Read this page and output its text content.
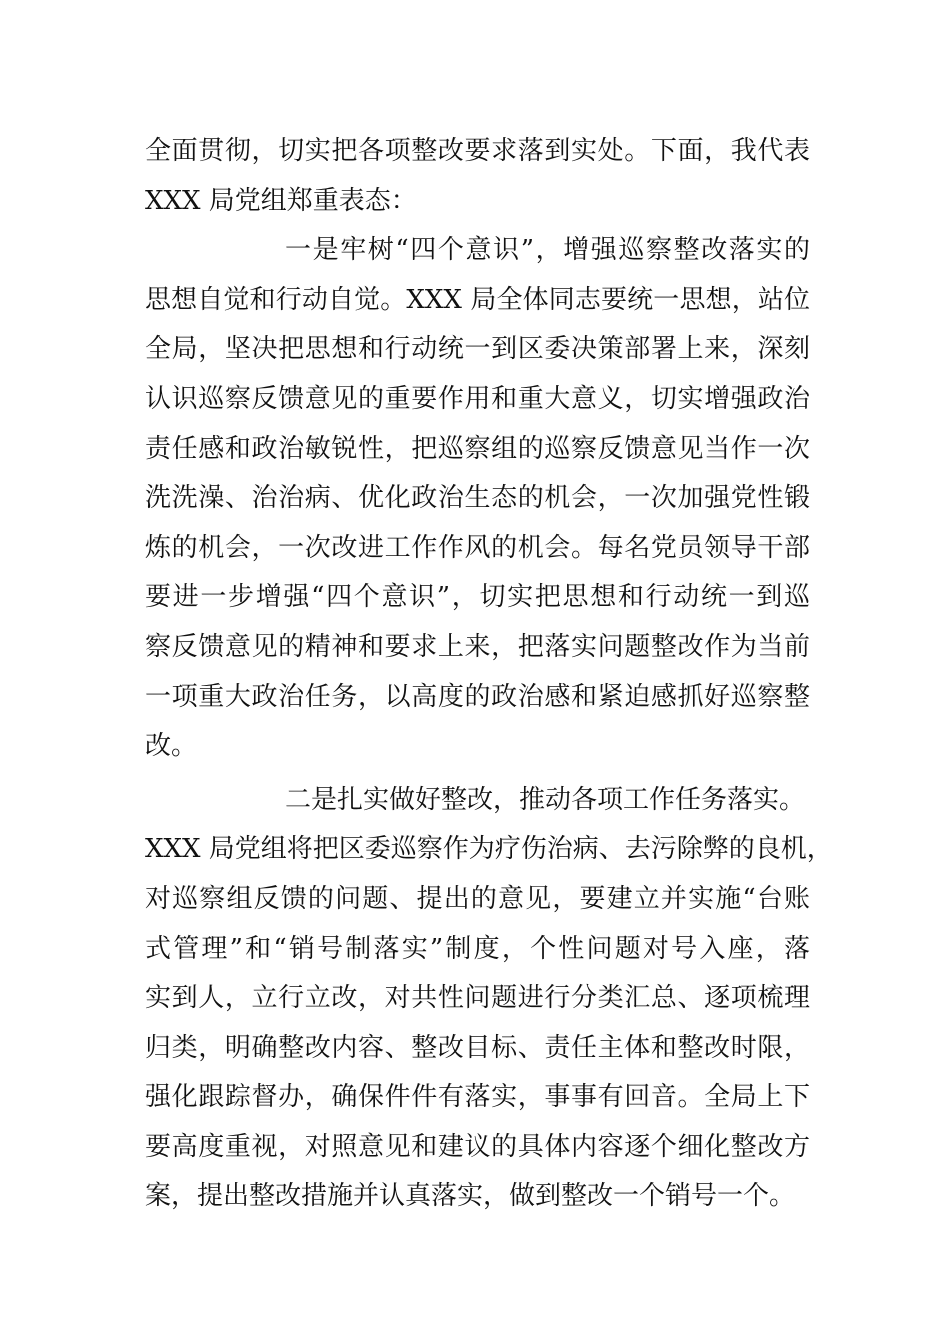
全面贯彻，切实把各项整改要求落到实处。下面，我代表
XXX 局党组郑重表态：
一是牢树“四个意识”，增强巡察整改落实的
思想自觉和行动自觉。XXX 局全体同志要统一思想，站位
全局，坚决把思想和行动统一到区委决策部署上来，深刻
认识巡察反馈意见的重要作用和重大意义，切实增强政治
责任感和政治敏锐性，把巡察组的巡察反馈意见当作一次
洗洗澡、治治病、优化政治生态的机会，一次加强党性锻
炼的机会，一次改进工作作风的机会。每名党员领导干部
要进一步增强“四个意识”，切实把思想和行动统一到巡
察反馈意见的精神和要求上来，把落实问题整改作为当前
一项重大政治任务，以高度的政治感和紧迫感抓好巡察整
改。
二是扎实做好整改，推动各项工作任务落实。
XXX 局党组将把区委巡察作为疗伤治病、去污除弊的良机，
对巡察组反馈的问题、提出的意见，要建立并实施“台账
式管理”和“销号制落实”制度，个性问题对号入座，落
实到人，立行立改，对共性问题进行分类汇总、逐项梳理
归类，明确整改内容、整改目标、责任主体和整改时限，
强化跟踪督办，确保件件有落实，事事有回音。全局上下
要高度重视，对照意见和建议的具体内容逐个细化整改方
案，提出整改措施并认真落实，做到整改一个销号一个。
